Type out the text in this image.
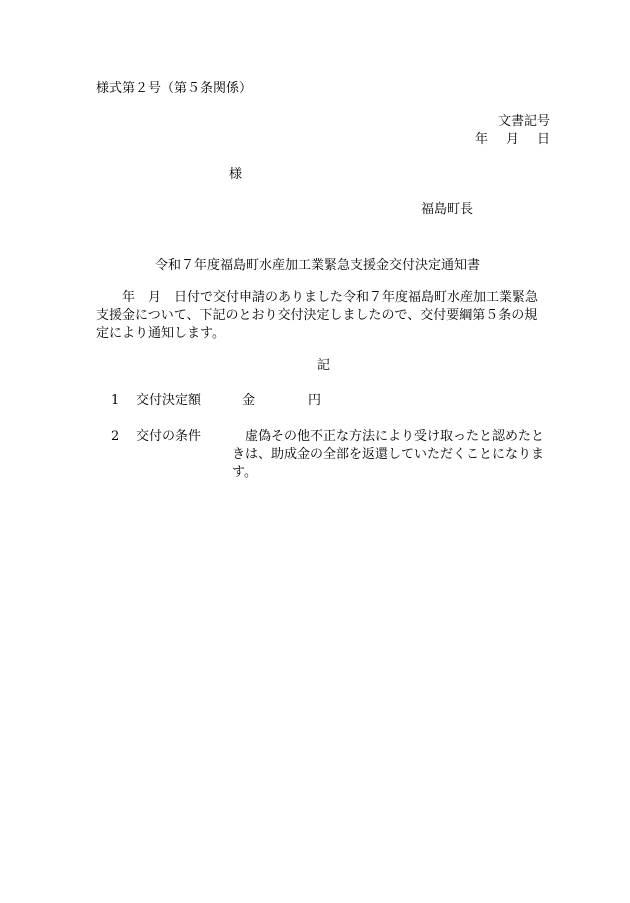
様式第２号（第５条関係）
文書記号
年 月 日
様
福島町長
令和７年度福島町水産加工業緊急支援金交付決定通知書
　　年　月　日付で交付申請のありました令和７年度福島町水産加工業緊急
支援金について、下記のとおり交付決定しましたので、交付要綱第５条の規
定により通知します。
記
1 交付決定額	金	円
2 交付の条件 　虚偽その他不正な方法により受け取ったと認めたと
きは、助成金の全部を返還していただくことになりま
す。
